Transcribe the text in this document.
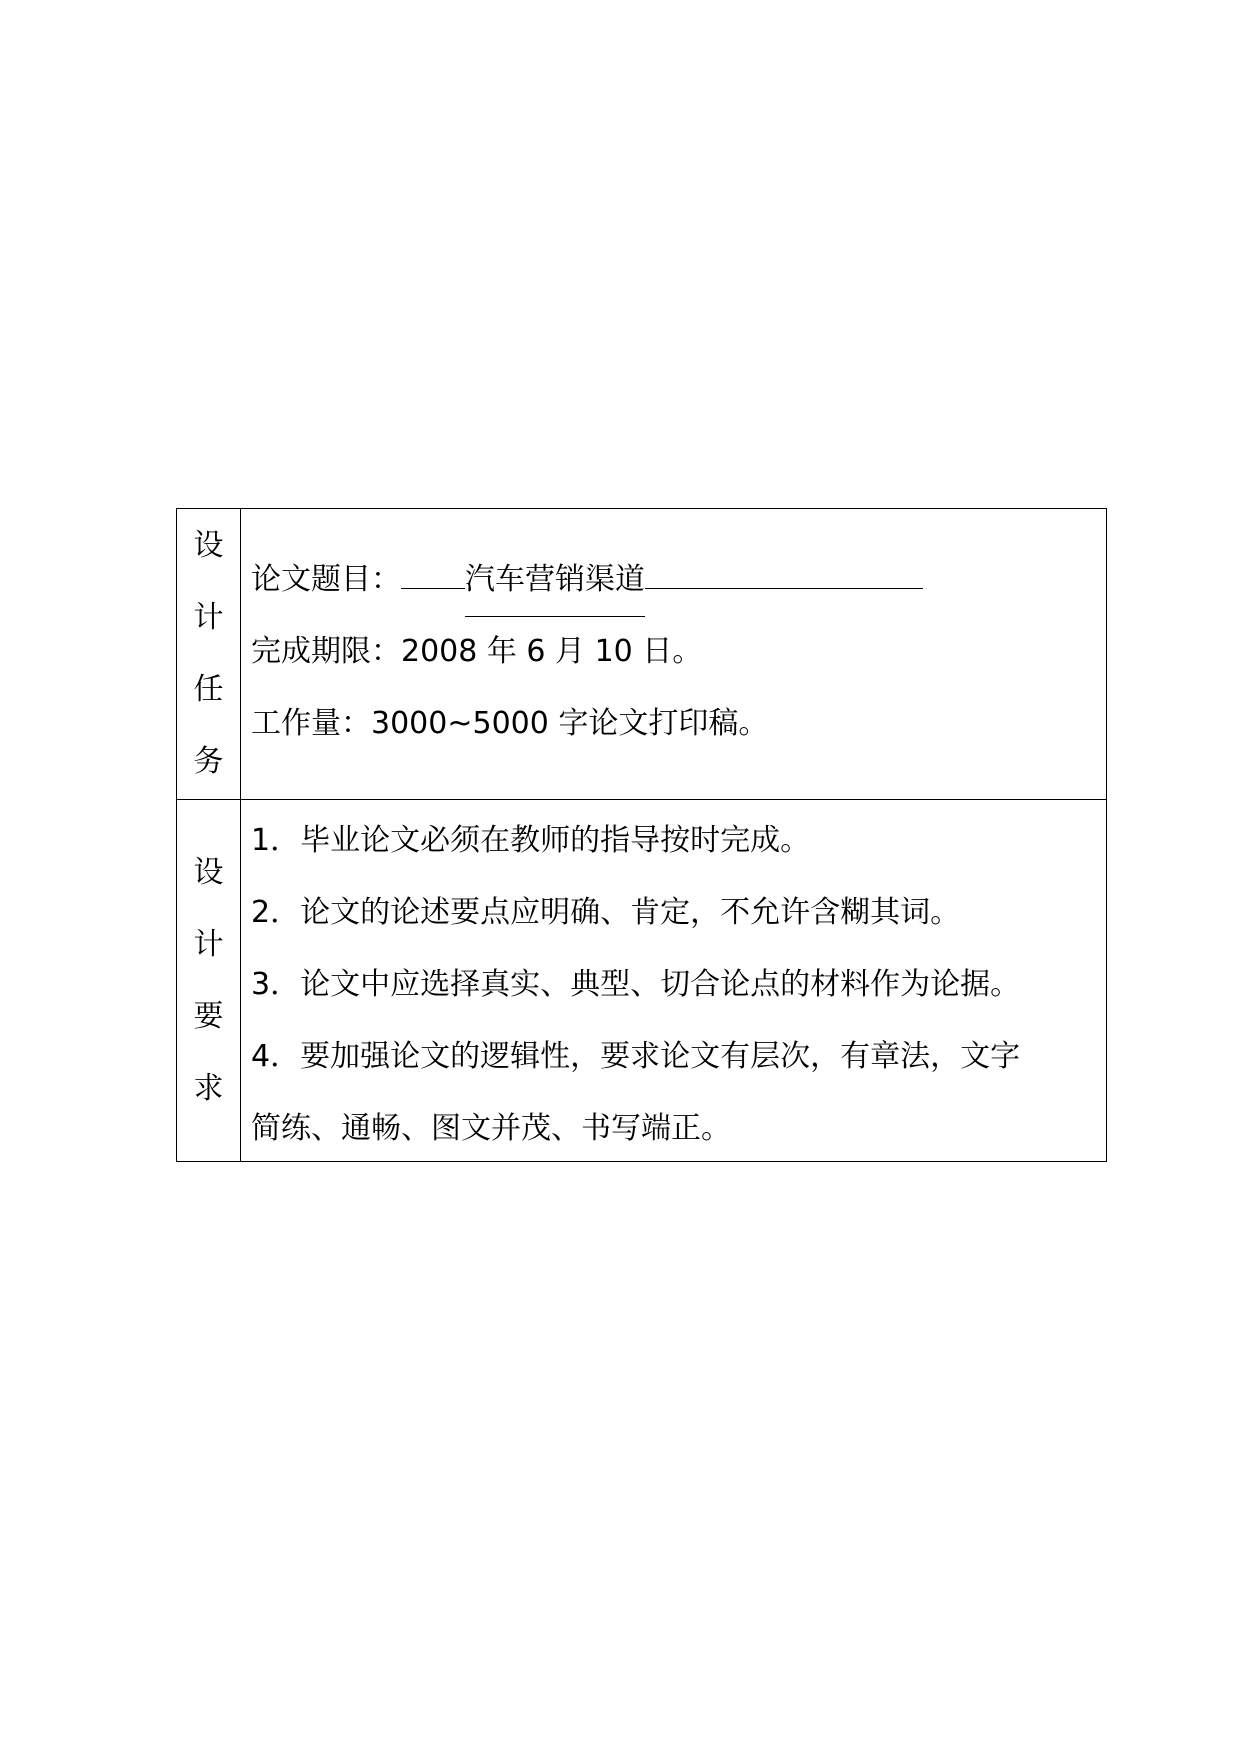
设
计
任
务
论文题目： 汽车营销渠道
完成期限：2008 年 6 月 10 日。
工作量：3000~5000 字论文打印稿。
设
计
要
求
1．毕业论文必须在教师的指导按时完成。
2．论文的论述要点应明确、肯定，不允许含糊其词。
3．论文中应选择真实、典型、切合论点的材料作为论据。
4．要加强论文的逻辑性，要求论文有层次，有章法，文字
简练、通畅、图文并茂、书写端正。
